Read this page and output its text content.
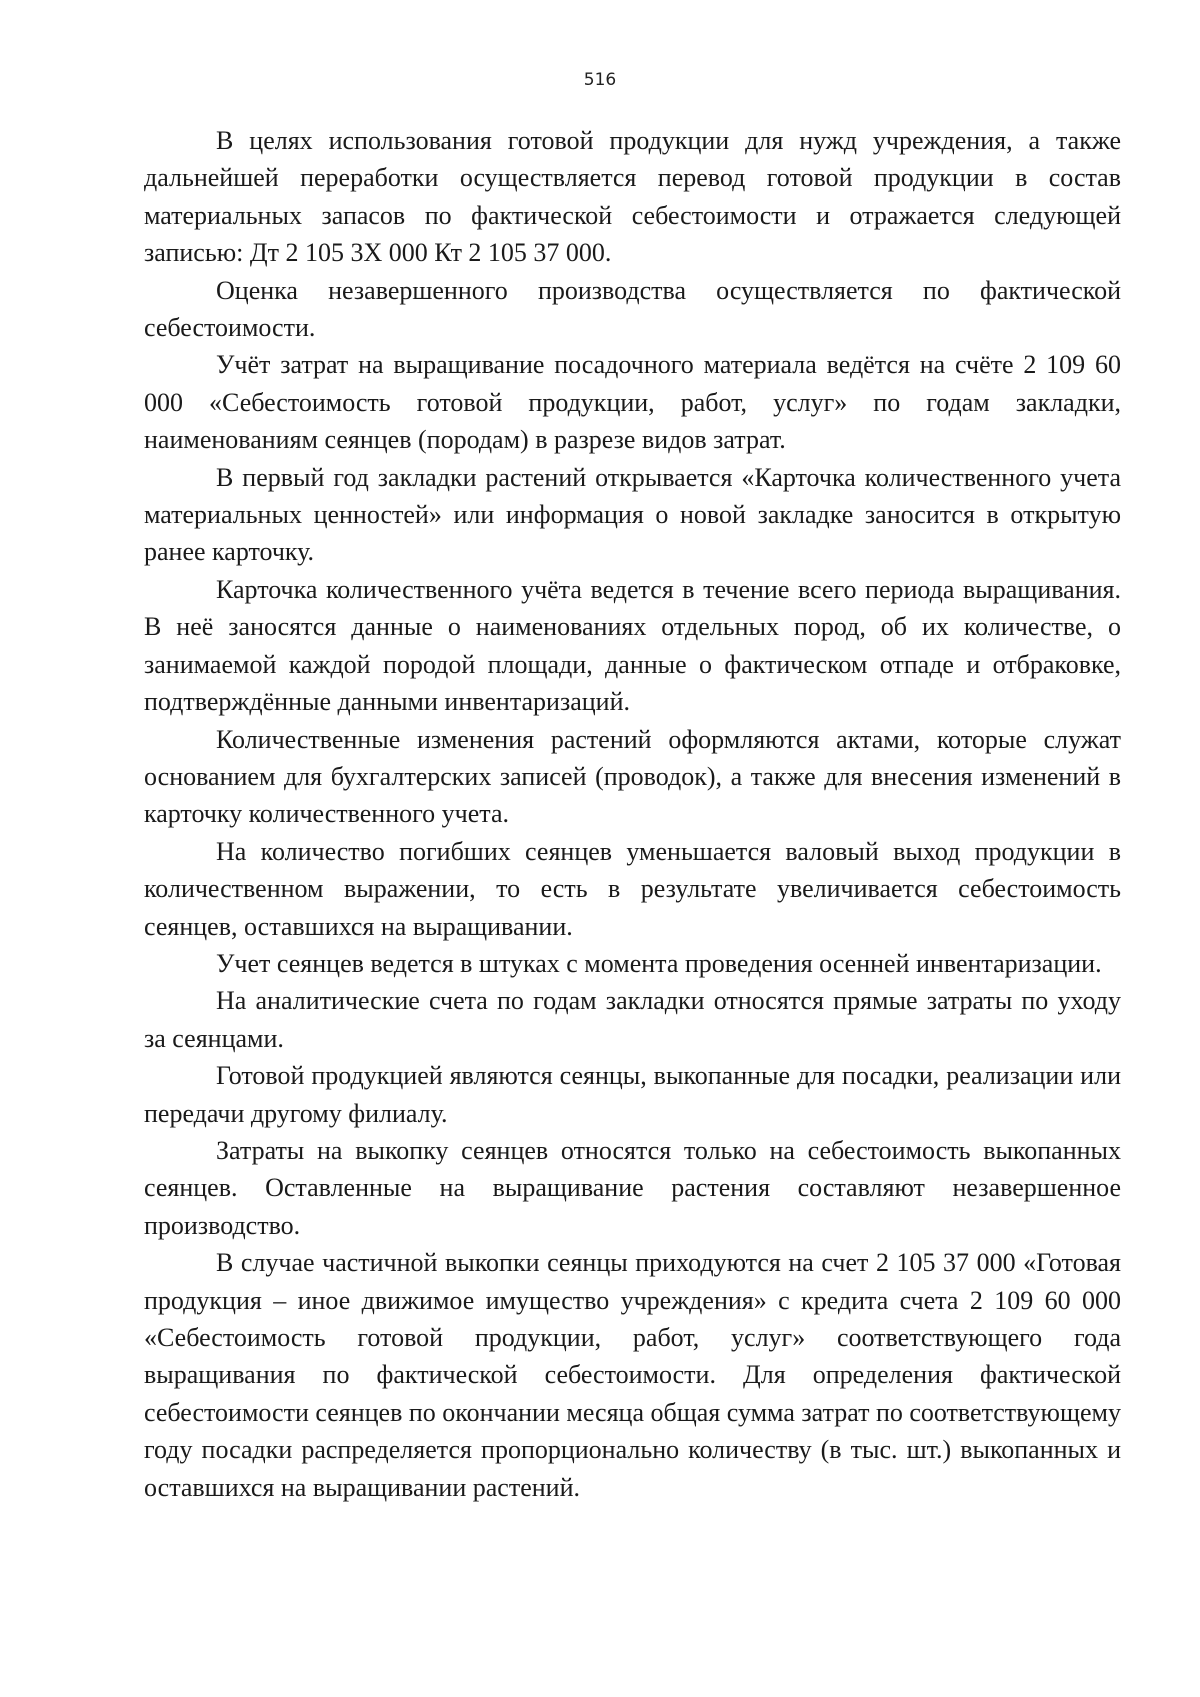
516

В целях использования готовой продукции для нужд учреждения, а также дальнейшей переработки осуществляется перевод готовой продукции в состав материальных запасов по фактической себестоимости и отражается следующей записью: Дт 2 105 3Х 000 Кт 2 105 37 000.

Оценка незавершенного производства осуществляется по фактической себестоимости.

Учёт затрат на выращивание посадочного материала ведётся на счёте 2 109 60 000 «Себестоимость готовой продукции, работ, услуг» по годам закладки, наименованиям сеянцев (породам) в разрезе видов затрат.

В первый год закладки растений открывается «Карточка количественного учета материальных ценностей» или информация о новой закладке заносится в открытую ранее карточку.

Карточка количественного учёта ведется в течение всего периода выращивания. В неё заносятся данные о наименованиях отдельных пород, об их количестве, о занимаемой каждой породой площади, данные о фактическом отпаде и отбраковке, подтверждённые данными инвентаризаций.

Количественные изменения растений оформляются актами, которые служат основанием для бухгалтерских записей (проводок), а также для внесения изменений в карточку количественного учета.

На количество погибших сеянцев уменьшается валовый выход продукции в количественном выражении, то есть в результате увеличивается себестоимость сеянцев, оставшихся на выращивании.

Учет сеянцев ведется в штуках с момента проведения осенней инвентаризации.

На аналитические счета по годам закладки относятся прямые затраты по уходу за сеянцами.

Готовой продукцией являются сеянцы, выкопанные для посадки, реализации или передачи другому филиалу.

Затраты на выкопку сеянцев относятся только на себестоимость выкопанных сеянцев. Оставленные на выращивание растения составляют незавершенное производство.

В случае частичной выкопки сеянцы приходуются на счет 2 105 37 000 «Готовая продукция – иное движимое имущество учреждения» с кредита счета 2 109 60 000 «Себестоимость готовой продукции, работ, услуг» соответствующего года выращивания по фактической себестоимости. Для определения фактической себестоимости сеянцев по окончании месяца общая сумма затрат по соответствующему году посадки распределяется пропорционально количеству (в тыс. шт.) выкопанных и оставшихся на выращивании растений.
